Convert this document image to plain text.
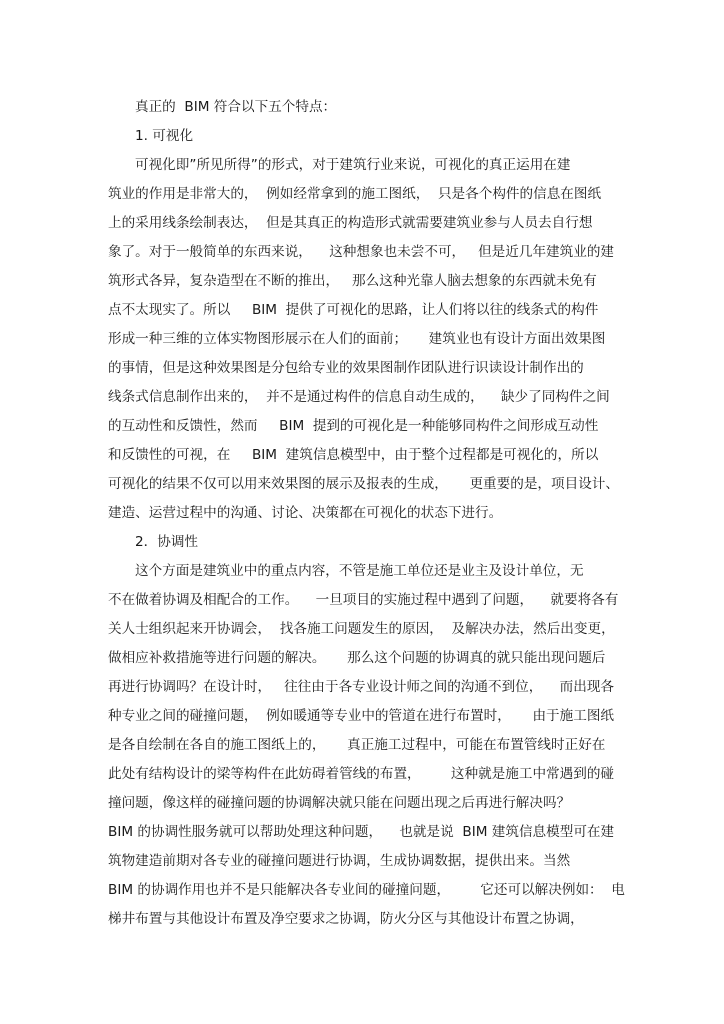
真正的  BIM 符合以下五个特点：
1. 可视化
可视化即”所见所得”的形式，对于建筑行业来说，可视化的真正运用在建
筑业的作用是非常大的，  例如经常拿到的施工图纸，  只是各个构件的信息在图纸
上的采用线条绘制表达，  但是其真正的构造形式就需要建筑业参与人员去自行想
象了。对于一般简单的东西来说，    这种想象也未尝不可，   但是近几年建筑业的建
筑形式各异，复杂造型在不断的推出，   那么这种光靠人脑去想象的东西就未免有
点不太现实了。所以     BIM  提供了可视化的思路，让人们将以往的线条式的构件
形成一种三维的立体实物图形展示在人们的面前；     建筑业也有设计方面出效果图
的事情，但是这种效果图是分包给专业的效果图制作团队进行识读设计制作出的
线条式信息制作出来的，  并不是通过构件的信息自动生成的，    缺少了同构件之间
的互动性和反馈性，然而     BIM  提到的可视化是一种能够同构件之间形成互动性
和反馈性的可视，在     BIM  建筑信息模型中，由于整个过程都是可视化的，所以
可视化的结果不仅可以用来效果图的展示及报表的生成，     更重要的是，项目设计、
建造、运营过程中的沟通、讨论、决策都在可视化的状态下进行。
2．协调性
这个方面是建筑业中的重点内容，不管是施工单位还是业主及设计单位，无
不在做着协调及相配合的工作。    一旦项目的实施过程中遇到了问题，    就要将各有
关人士组织起来开协调会，  找各施工问题发生的原因，  及解决办法，然后出变更，
做相应补救措施等进行问题的解决。     那么这个问题的协调真的就只能出现问题后
再进行协调吗？在设计时，   往往由于各专业设计师之间的沟通不到位，    而出现各
种专业之间的碰撞问题，  例如暖通等专业中的管道在进行布置时，     由于施工图纸
是各自绘制在各自的施工图纸上的，     真正施工过程中，可能在布置管线时正好在
此处有结构设计的梁等构件在此妨碍着管线的布置，       这种就是施工中常遇到的碰
撞问题，像这样的碰撞问题的协调解决就只能在问题出现之后再进行解决吗？
BIM 的协调性服务就可以帮助处理这种问题，    也就是说  BIM 建筑信息模型可在建
筑物建造前期对各专业的碰撞问题进行协调，生成协调数据，提供出来。当然
BIM 的协调作用也并不是只能解决各专业间的碰撞问题，       它还可以解决例如：  电
梯井布置与其他设计布置及净空要求之协调，防火分区与其他设计布置之协调，
